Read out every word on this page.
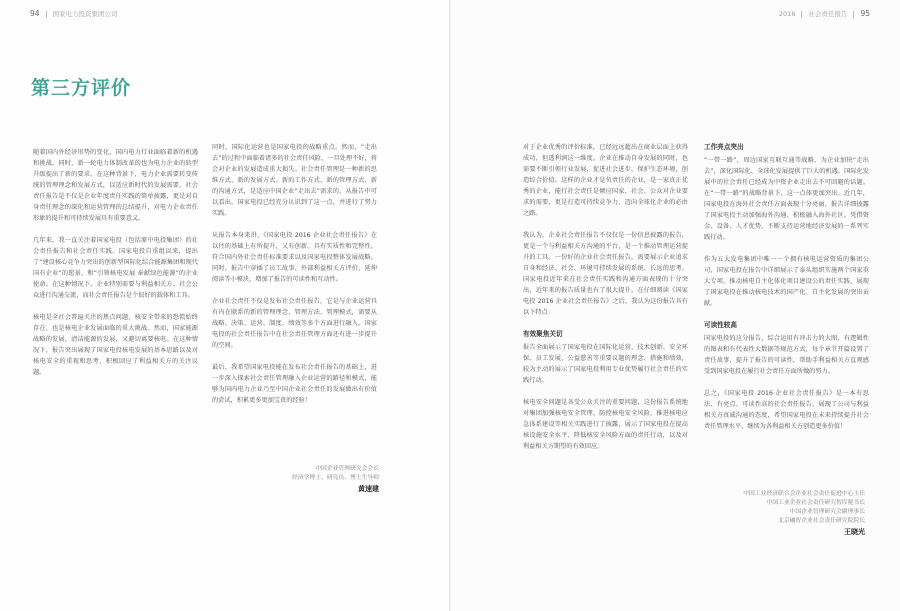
94 国家电力投资集团公司	2016 社会责任报告 95
第三方评价

随着国内外经济形势的变化、国内电力行业面临着新的机遇和挑战。同时，新一轮电力体制改革的也为电力企业的转型升级提出了新的要求。在这种背景下，电力企业需要转变传统的管理理念和发展方式，以适应新时代的发展需要。社会责任报告是不仅是企业年度责任实践的简单披露，更是对自身责任理念的深化和运营管理的总结提升，对电力企业责任形象的提升和可持续发展具有重要意义。

几年来，我一直关注着国家电投（包括原中电投集团）的社会责任报告和社会责任实践。国家电投自重组以来，提出了“建设核心竞争力突出的创新型国际化综合能源集团和现代国有企业”的愿景，和“引领核电发展 奉献绿色能源”的企业使命。在这种情况下，企业特别需要与利益相关方、社会公众进行沟通交流，而社会责任报告是个很好的载体和工具。

核电是全社会普遍关注的焦点问题，核安全带来的恐慌始终存在，也是核电企业发展面临的重大挑战。然而，国家能源战略的发展，清洁能源的发展，又避切离要核电。在这种情况下，报告突出展现了国家电投核电发展的基本思路以及对核电安全的重视和思考，积极回应了利益相关方的关注议题。

同时，国际化运营也是国家电投的战略重点。然而，“走出去”的过程中面临着诸多的社会责任风险，一旦处理不好，将会对企业的发展造成重大损失。社会责任管理是一种新的思维方式、新的发展方式、新的工作方式、新的管理方式、新的沟通方式，是适应中国企业“走出去”需求的。从报告中可以看出，国家电投已经充分认识到了这一点，并进行了努力实践。

从报告本身来讲，《国家电投 2016 企业社会责任报告》在以往的基础上有所提升，又有创新。具有实质性和完整性，符合国内外社会责任标准要求以及国家电投整体发展战略。同时，报告中穿插了员工故事、外部利益相关方评价、延伸阅读等小模块，增加了报告的可读性和互动性。

企业社会责任不仅是发布社会责任报告，它是与企业运营具有内在联系的新的管理理念、管理方法、管理模式，需要从战略、决策、运营、制度、绩效等多个方面进行融入。国家电投的社会责任报告中在社会责任管理方面还有进一步提升的空间。

最后，我希望国家电投能在发布社会责任报告的基础上，进一步深入探索社会责任管理融入企业运营的路径和模式，能够为国内电力企业乃至中国企业社会责任的发展做出有价值的尝试，积累更多更加宝贵的经验！

中国企业管理研究会会长
经济学博士、研究员、博士生导师
黄速建

对于企业优秀的评价标准，已经远远超出在商业层面上获得成功，但透利润这一维度。企业在推动自身发展的同时，也需要不断引领行业发展，促进社会进步，保护生态环境，创造综合价值。这样的企业才是负责任的企业，是一家真正优秀的企业，能行社会责任是倾应国家、社会、公众对企业要求的需要，更是打造可持续竞争力、迈向全球化企业的必由之路。

我认为，企业社会责任报告不仅仅是一份信息披露的报告，更是一个与利益相关方沟通的平台，是一个推动管理运营提升的工具。一份好的企业社会责任报告，需要展示企业追求自身和经济、社会、环境可持续发展的系统、长远的思考。国家电投近年来在社会责任实践和沟通方面表现的十分突出，近年来的报告质量也有了很大提升。在仔细阅读《国家电投 2016 企业社会责任报告》之后，我认为这份报告具有以下特点：

有效聚焦关切

报告全面展示了国家电投在国际化运营、技术创新、安全环保、员工发展、公益慈善等重要议题的理念、措施和绩效，较为主动的展示了国家电投利用专业优势履行社会责任的实践行动。

核电安全问题是各受公众关注的重要问题，这份报告系统地对集团加强核电安全管理、防控核电安全风险，推进核电应急体系建设等相关实践进行了披露，展示了国家电投在提高核设施安全水平、降低核安全风险方面的责任行动，以及对利益相关方期望的有效回应。

工作亮点突出

“一带一路”，周边国家互联互通等战略，为企业加快“走出去”，深化国际化、全球化发展提供了巨大的机遇。国际化发展中的社会责任已经成为中资企业走出去不可回避的话题。在“一带一路”的战略背景下，这一点体更加突出。近几年，国家电投在海外社会责任方面表现十分亮丽，报告详细披露了国家电投主动加强海外沟通、积极融入海外社区、凭借资金、设备、人才优势、不断支持运营地经济发展的一系列实践行动。

作为五大发电集团中唯一一个拥有核电运营资质的集团公司，国家电投在报告中详细展示了泰头组织实施两个国家重大专项、推动核电自主化体化项目建设公的责任实践，展现了国家电投在推动核电技术的国产化、自主化发展的突出贡献。

可读性较高

国家电投的这分报告，综合运用有冲击力的大图、有逻辑性的图表和有代表性大数据等规范方式，每个章节开篇设置了责任故事，提升了报告的可读性，帮助手利益相关方直观感受到国家电投在履行社会责任方面所做的努力。

总之，《国家电投 2016 企业社会责任报告》是一本有思法、有亮点、可读性高的社会责任报告，展现了公司与利益相关方真诚沟通的态度，希望国家电投在未来持续提升社会责任管理水平，继续为各利益相关方创造更多价值！

中国工业经济联合会企业社会责任促进中心主任
中国工业企业社会责任研究智库秘书长
中国企业管理研究会副理事长
北京融智企业社会责任研究院院长
王晓光
